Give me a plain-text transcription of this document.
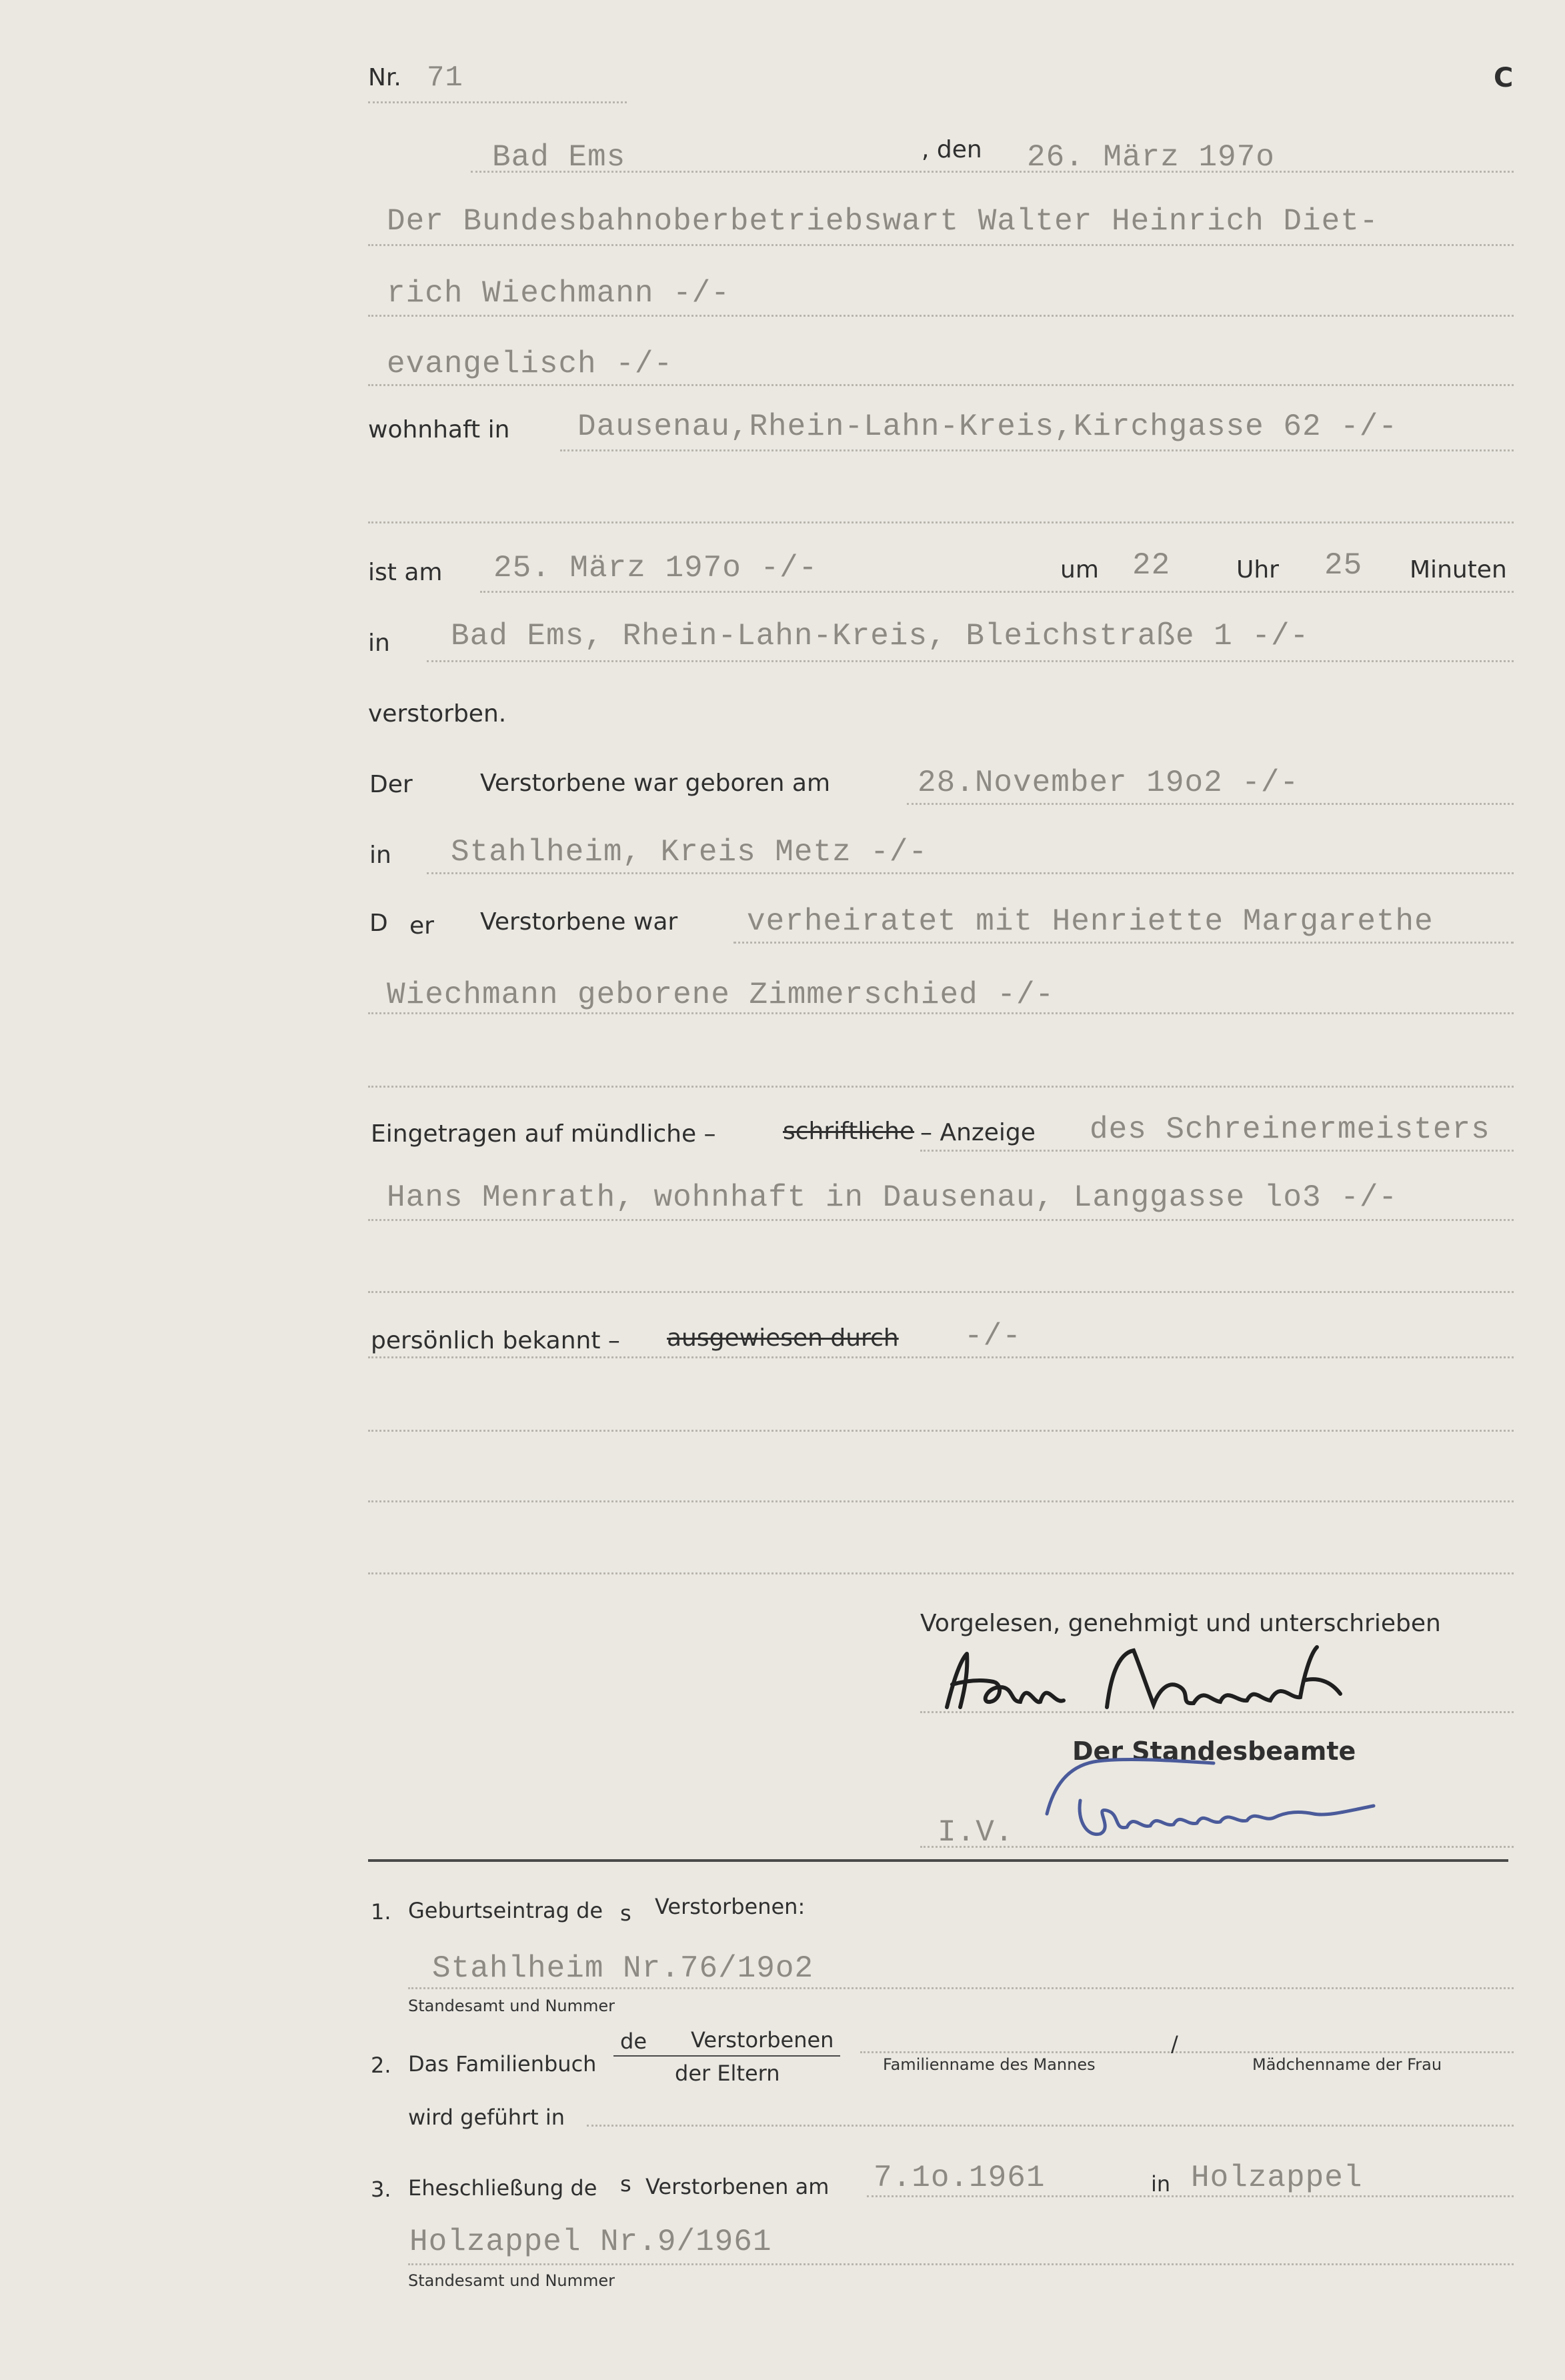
Nr. 71	C
Bad Ems	, den 26. März 197o
Der Bundesbahnoberbetriebswart Walter Heinrich Diet-
rich Wiechmann -/-
evangelisch -/-
wohnhaft in Dausenau,Rhein-Lahn-Kreis,Kirchgasse 62 -/-
ist am 25. März 197o -/-	um 22	Uhr 25 Minuten
in Bad Ems, Rhein-Lahn-Kreis, Bleichstraße 1 -/-
verstorben.
Der	Verstorbene war geboren am	28.November 19o2 -/-
in Stahlheim, Kreis Metz -/-
D er Verstorbene war verheiratet mit Henriette Margarethe
Wiechmann geborene Zimmerschied -/-
Eingetragen auf mündliche –	schriftliche – Anzeige des Schreinermeisters
Hans Menrath, wohnhaft in Dausenau, Langgasse lo3 -/-
persönlich bekannt – ausgewiesen durch -/-
Vorgelesen, genehmigt und unterschrieben
Der Standesbeamte
I.V.
1. Geburtseintrag de s Verstorbenen:
Stahlheim Nr.76/19o2
Standesamt und Nummer
2. Das Familienbuch
de Verstorbenen
der Eltern	Familienname des Mannes
/
Mädchenname der Frau
wird geführt in
3. Eheschließung de s Verstorbenen am 7.1o.1961	in Holzappel
Holzappel Nr.9/1961
Standesamt und Nummer
